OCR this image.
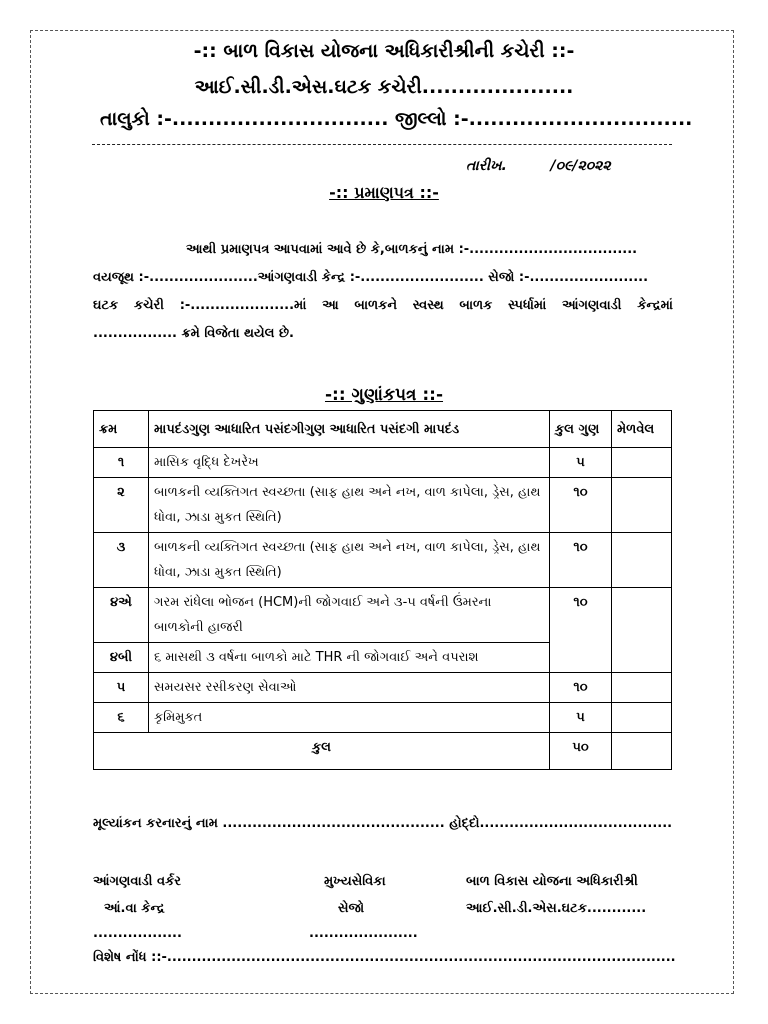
-:: બાળ વિકાસ યોજના અધિકારીશ્રીની કચેરી ::-
આઈ.સી.ડી.એસ.ઘટક કચેરી.....................
તાલુકો :-.............................. જીલ્લો :-...............................
તારીખ.	/૦૯/૨૦૨૨
-:: પ્રમાણપત્ર ::-
આથી પ્રમાણપત્ર આપવામાં આવે છે કે,બાળકનું નામ :-..................................
વયજૂથ :-......................આંગણવાડી કેન્દ્ર :-......................... સેજો :-........................
ઘટક કચેરી :-.....................માં આ બાળકને સ્વસ્થ બાળક સ્પર્ધામાં આંગણવાડી કેન્દ્રમાં
................. ક્રમે વિજેતા થયેલ છે.
-:: ગુણાંકપત્ર ::-
ક્રમ	માપદંડગુણ આધારિત પસંદગીગુણ આધારિત પસંદગી માપદંડ	કુલ ગુણ	મેળવેલ
૧	માસિક વૃદ્ધિ દેખરેખ	૫	
૨	બાળકની વ્યક્તિગત સ્વચ્છતા (સાફ હાથ અને નખ, વાળ કાપેલા, ડ્રેસ, હાથ ધોવા, ઝાડા મુકત સ્થિતિ)	૧૦	
૩	બાળકની વ્યક્તિગત સ્વચ્છતા (સાફ હાથ અને નખ, વાળ કાપેલા, ડ્રેસ, હાથ ધોવા, ઝાડા મુકત સ્થિતિ)	૧૦	
૪એ	ગરમ રાંધેલા ભોજન (HCM)ની જોગવાઈ અને ૩-૫ વર્ષની ઉંમરના બાળકોની હાજરી	૧૦	
૪બી	૬ માસથી ૩ વર્ષના બાળકો માટે THR ની જોગવાઈ અને વપરાશ		
૫	સમયસર રસીકરણ સેવાઓ	૧૦	
૬	કૃમિમુકત	૫	
કુલ		૫૦	
મૂલ્યાંકન કરનારનું નામ ............................................. હોદ્દો.......................................
આંગણવાડી વર્કર
આં.વા કેન્દ્ર
..................
મુખ્યસેવિકા
સેજો
......................
બાળ વિકાસ યોજના અધિકારીશ્રી
આઈ.સી.ડી.એસ.ઘટક............
વિશેષ નોંધ ::-.......................................................................................................
